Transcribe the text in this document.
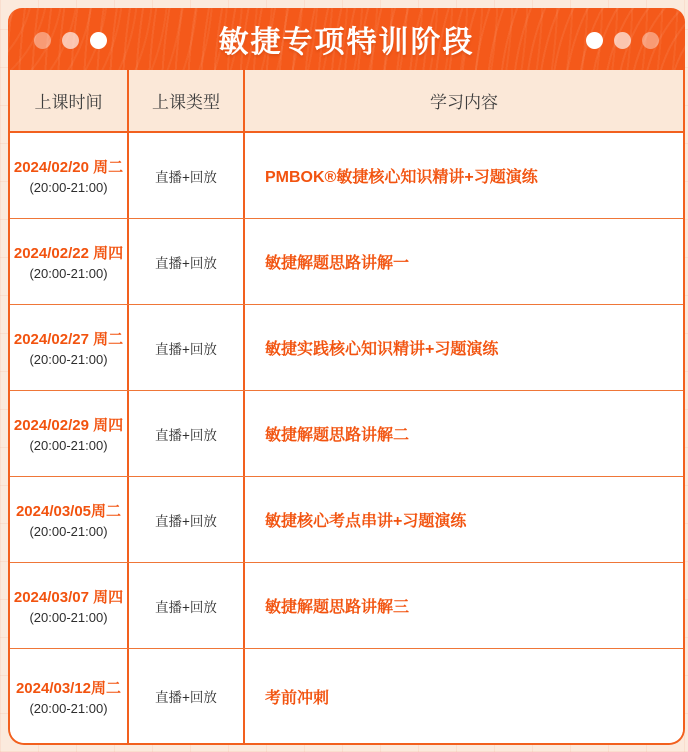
敏捷专项特训阶段
上课时间	上课类型	学习内容
2024/02/20 周二
(20:00-21:00)
直播+回放	PMBOK®敏捷核心知识精讲+习题演练
2024/02/22 周四
(20:00-21:00)
直播+回放	敏捷解题思路讲解一
2024/02/27 周二
(20:00-21:00)
直播+回放	敏捷实践核心知识精讲+习题演练
2024/02/29 周四
(20:00-21:00)
直播+回放	敏捷解题思路讲解二
2024/03/05周二
(20:00-21:00)
直播+回放	敏捷核心考点串讲+习题演练
2024/03/07 周四
(20:00-21:00)
直播+回放	敏捷解题思路讲解三
2024/03/12周二
(20:00-21:00)
直播+回放	考前冲刺
